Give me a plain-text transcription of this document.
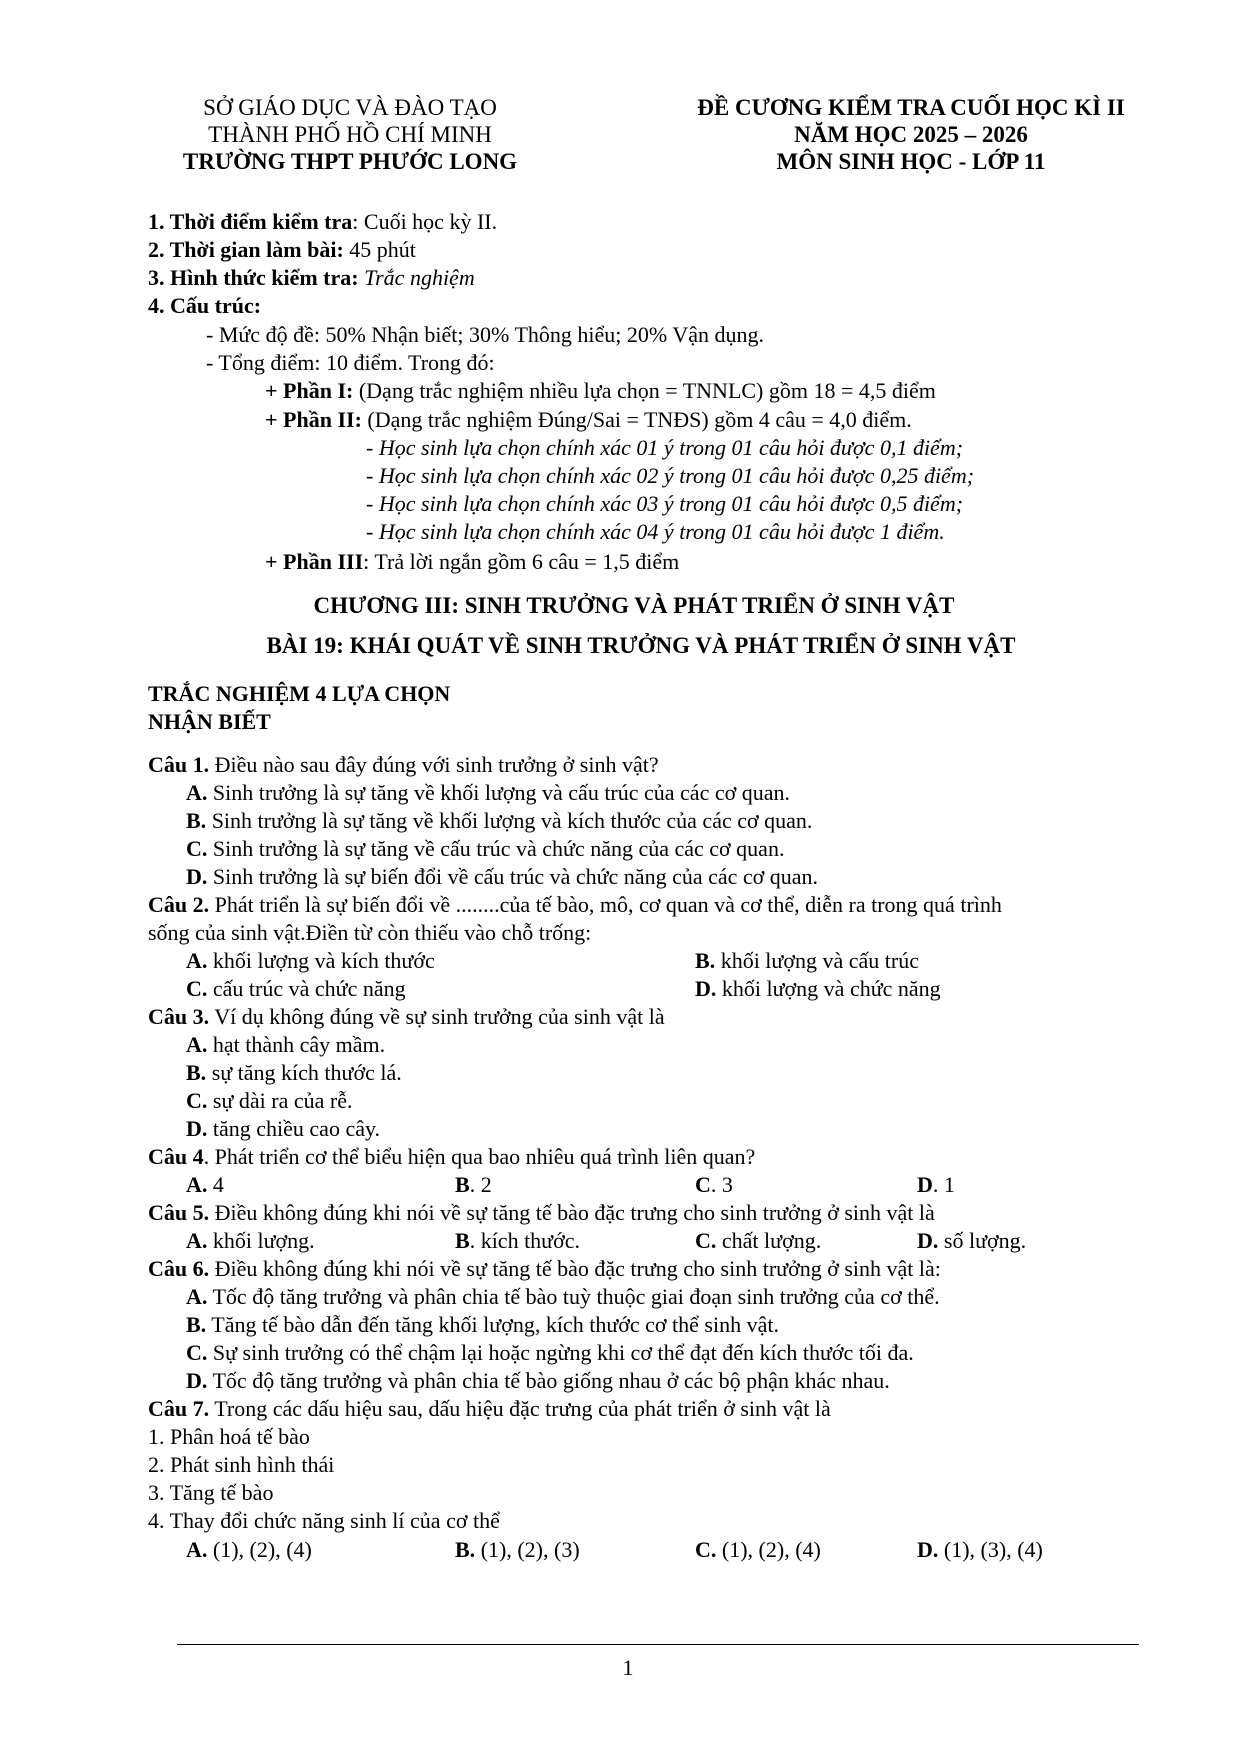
SỞ GIÁO DỤC VÀ ĐÀO TẠO
THÀNH PHỐ HỒ CHÍ MINH
TRƯỜNG THPT PHƯỚC LONG
ĐỀ CƯƠNG KIỂM TRA CUỐI HỌC KÌ II
NĂM HỌC 2025 – 2026
MÔN SINH HỌC - LỚP 11
1. Thời điểm kiểm tra: Cuối học kỳ II.
2. Thời gian làm bài: 45 phút
3. Hình thức kiểm tra: Trắc nghiệm
4. Cấu trúc:
- Mức độ đề: 50% Nhận biết; 30% Thông hiểu; 20% Vận dụng.
- Tổng điểm: 10 điểm. Trong đó:
+ Phần I: (Dạng trắc nghiệm nhiều lựa chọn = TNNLC) gồm 18 = 4,5 điểm
+ Phần II: (Dạng trắc nghiệm Đúng/Sai = TNĐS) gồm 4 câu = 4,0 điểm.
- Học sinh lựa chọn chính xác 01 ý trong 01 câu hỏi được 0,1 điểm;
- Học sinh lựa chọn chính xác 02 ý trong 01 câu hỏi được 0,25 điểm;
- Học sinh lựa chọn chính xác 03 ý trong 01 câu hỏi được 0,5 điểm;
- Học sinh lựa chọn chính xác 04 ý trong 01 câu hỏi được 1 điểm.
+ Phần III: Trả lời ngắn gồm 6 câu = 1,5 điểm
CHƯƠNG III: SINH TRƯỞNG VÀ PHÁT TRIỂN Ở SINH VẬT
BÀI 19: KHÁI QUÁT VỀ SINH TRƯỞNG VÀ PHÁT TRIỂN Ở SINH VẬT
TRẮC NGHIỆM 4 LỰA CHỌN
NHẬN BIẾT
Câu 1. Điều nào sau đây đúng với sinh trưởng ở sinh vật?
A. Sinh trưởng là sự tăng về khối lượng và cấu trúc của các cơ quan.
B. Sinh trưởng là sự tăng về khối lượng và kích thước của các cơ quan.
C. Sinh trưởng là sự tăng về cấu trúc và chức năng của các cơ quan.
D. Sinh trưởng là sự biến đổi về cấu trúc và chức năng của các cơ quan.
Câu 2. Phát triển là sự biến đổi về ........của tế bào, mô, cơ quan và cơ thể, diễn ra trong quá trình
sống của sinh vật.Điền từ còn thiếu vào chỗ trống:
A. khối lượng và kích thước	B. khối lượng và cấu trúc
C. cấu trúc và chức năng	D. khối lượng và chức năng
Câu 3. Ví dụ không đúng về sự sinh trưởng của sinh vật là
A. hạt thành cây mầm.
B. sự tăng kích thước lá.
C. sự dài ra của rễ.
D. tăng chiều cao cây.
Câu 4. Phát triển cơ thể biểu hiện qua bao nhiêu quá trình liên quan?
A. 4	B. 2	C. 3	D. 1
Câu 5. Điều không đúng khi nói về sự tăng tế bào đặc trưng cho sinh trưởng ở sinh vật là
A. khối lượng.	B. kích thước.	C. chất lượng.	D. số lượng.
Câu 6. Điều không đúng khi nói về sự tăng tế bào đặc trưng cho sinh trưởng ở sinh vật là:
A. Tốc độ tăng trưởng và phân chia tế bào tuỳ thuộc giai đoạn sinh trưởng của cơ thể.
B. Tăng tế bào dẫn đến tăng khối lượng, kích thước cơ thể sinh vật.
C. Sự sinh trưởng có thể chậm lại hoặc ngừng khi cơ thể đạt đến kích thước tối đa.
D. Tốc độ tăng trưởng và phân chia tế bào giống nhau ở các bộ phận khác nhau.
Câu 7. Trong các dấu hiệu sau, dấu hiệu đặc trưng của phát triển ở sinh vật là
1. Phân hoá tế bào
2. Phát sinh hình thái
3. Tăng tế bào
4. Thay đổi chức năng sinh lí của cơ thể
A. (1), (2), (4)	B. (1), (2), (3)	C. (1), (2), (4)	D. (1), (3), (4)
1
